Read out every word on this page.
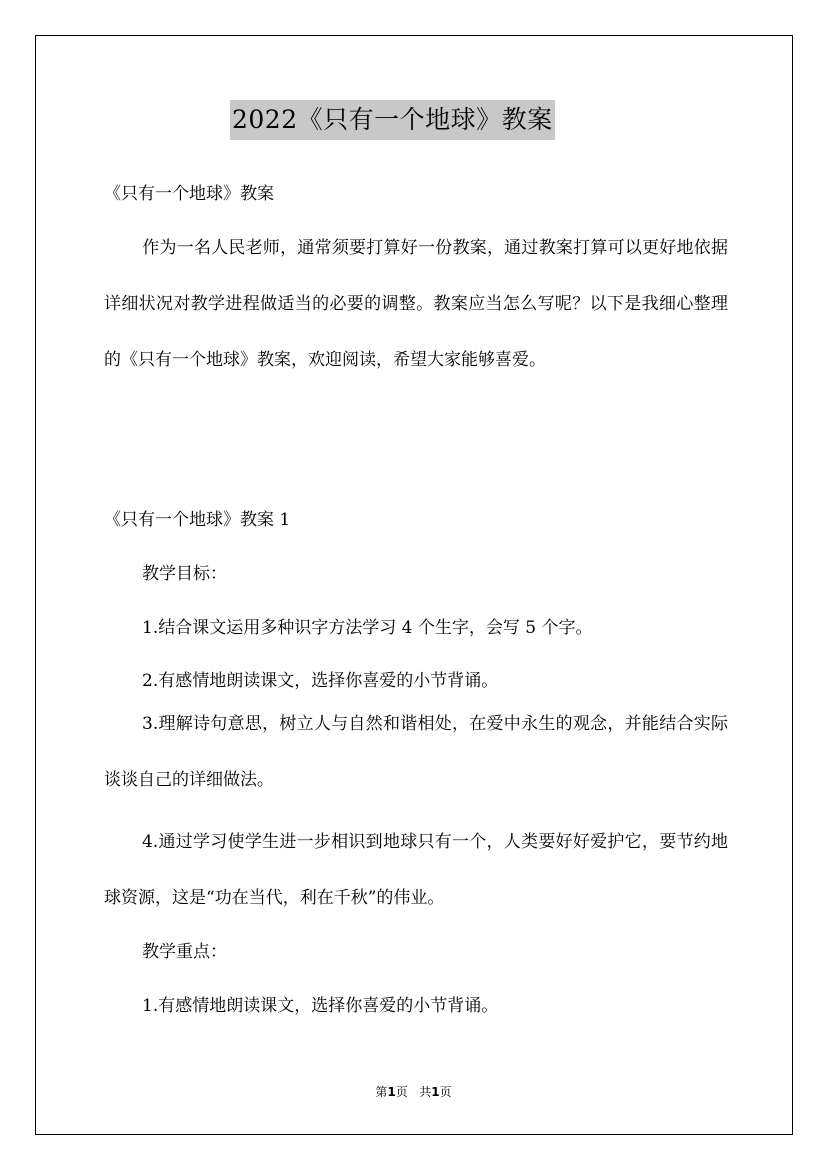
2022《只有一个地球》教案
《只有一个地球》教案
作为一名人民老师，通常须要打算好一份教案，通过教案打算可以更好地依据详细状况对教学进程做适当的必要的调整。教案应当怎么写呢？以下是我细心整理的《只有一个地球》教案，欢迎阅读，希望大家能够喜爱。
《只有一个地球》教案 1
教学目标：
1.结合课文运用多种识字方法学习 4 个生字，会写 5 个字。
2.有感情地朗读课文，选择你喜爱的小节背诵。
3.理解诗句意思，树立人与自然和谐相处，在爱中永生的观念，并能结合实际谈谈自己的详细做法。
4.通过学习使学生进一步相识到地球只有一个，人类要好好爱护它，要节约地球资源，这是“功在当代，利在千秋”的伟业。
教学重点：
1.有感情地朗读课文，选择你喜爱的小节背诵。
第1页 共1页
